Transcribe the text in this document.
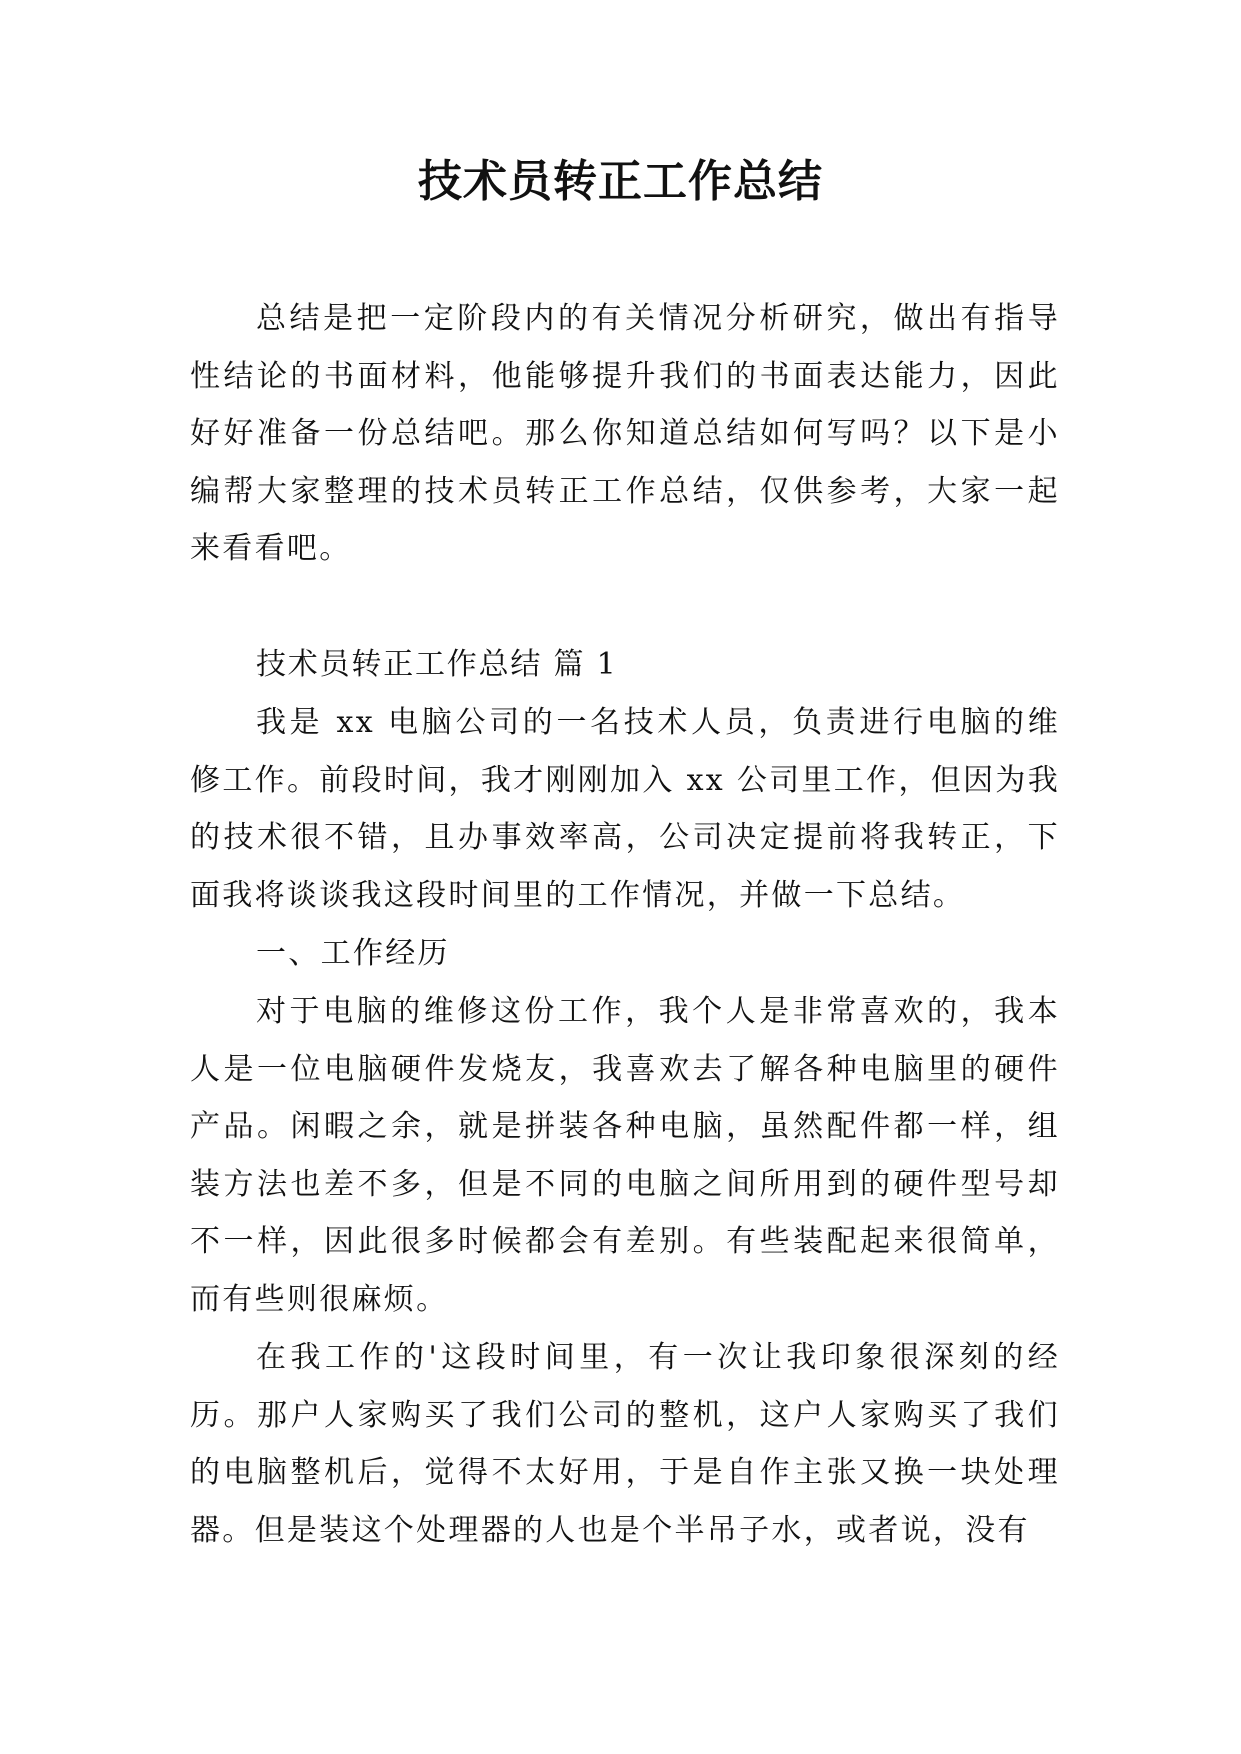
技术员转正工作总结

总结是把一定阶段内的有关情况分析研究，做出有指导性结论的书面材料，他能够提升我们的书面表达能力，因此好好准备一份总结吧。那么你知道总结如何写吗？以下是小编帮大家整理的技术员转正工作总结，仅供参考，大家一起来看看吧。

技术员转正工作总结 篇 1

我是 xx 电脑公司的一名技术人员，负责进行电脑的维修工作。前段时间，我才刚刚加入 xx 公司里工作，但因为我的技术很不错，且办事效率高，公司决定提前将我转正，下面我将谈谈我这段时间里的工作情况，并做一下总结。

一、工作经历

对于电脑的维修这份工作，我个人是非常喜欢的，我本人是一位电脑硬件发烧友，我喜欢去了解各种电脑里的硬件产品。闲暇之余，就是拼装各种电脑，虽然配件都一样，组装方法也差不多，但是不同的电脑之间所用到的硬件型号却不一样，因此很多时候都会有差别。有些装配起来很简单，而有些则很麻烦。

在我工作的'这段时间里，有一次让我印象很深刻的经历。那户人家购买了我们公司的整机，这户人家购买了我们的电脑整机后，觉得不太好用，于是自作主张又换一块处理器。但是装这个处理器的人也是个半吊子水，或者说，没有
